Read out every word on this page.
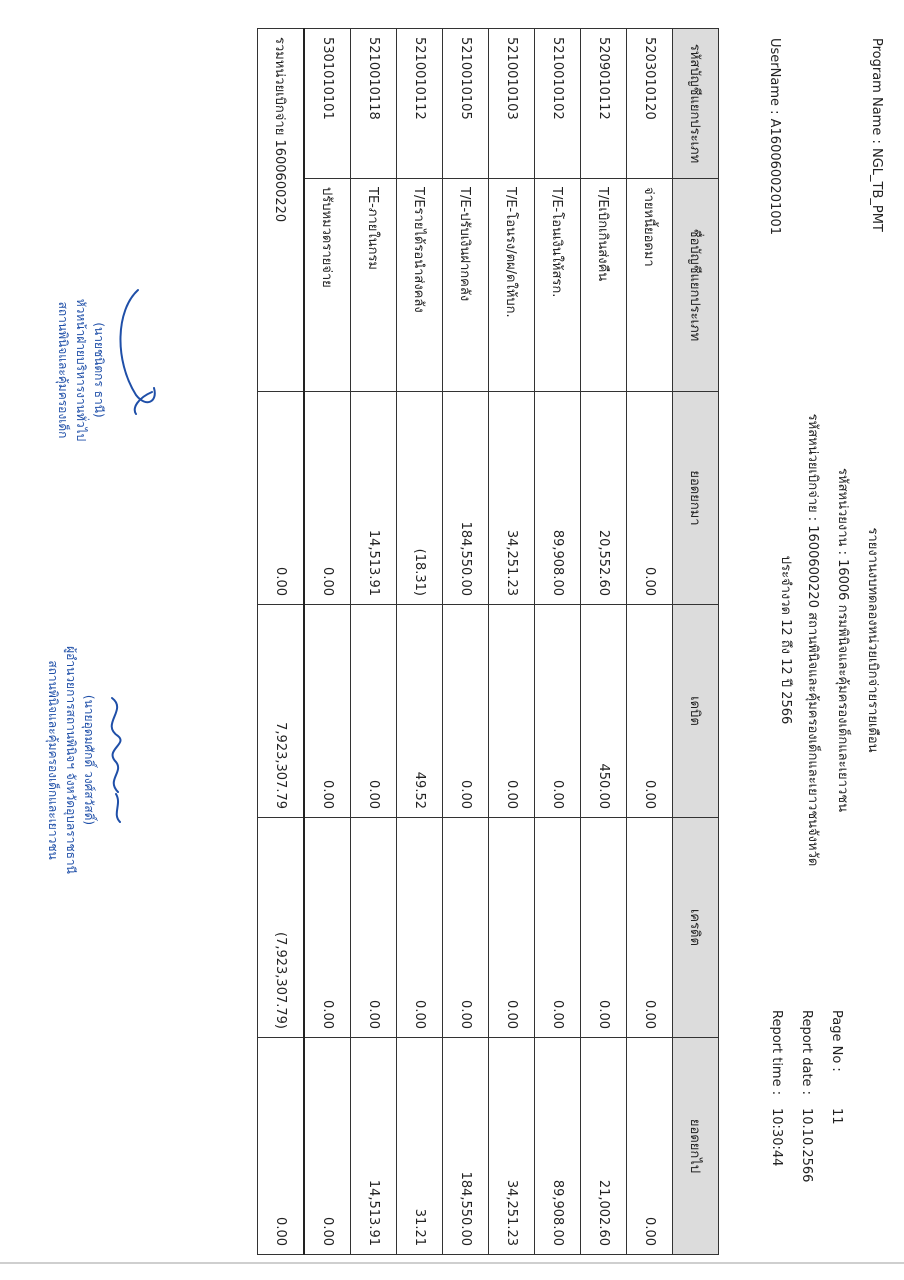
Program Name : NGL_TB_PMT
UserName : A1600600201001
รายงานงบทดลองหน่วยเบิกจ่ายรายเดือน
รหัสหน่วยงาน : 16006 กรมพินิจและคุ้มครองเด็กและเยาวชน
รหัสหน่วยเบิกจ่าย : 1600600220 สถานพินิจและคุ้มครองเด็กและเยาวชนจังหวัด
ประจำงวด 12 ถึง 12 ปี 2566
Page No :
11
Report date :
10.10.2566
Report time :
10:30:44
รหัสบัญชีแยกประเภท	ชื่อบัญชีแยกประเภท	ยอดยกมา	เดบิต	เครดิต	ยอดยกไป
5203010120	จ่ายหนี้ยอดมา	0.00	0.00	0.00	0.00
5209010112	T/Eเบิกเกินส่งคืน	20,552.60	450.00	0.00	21,002.60
5210010102	T/E-โอนเงินให้สรก.	89,908.00	0.00	0.00	89,908.00
5210010103	T/E-โอนรง/ตผ/ดให้บก.	34,251.23	0.00	0.00	34,251.23
5210010105	T/E-ปรับเงินฝากคลัง	184,550.00	0.00	0.00	184,550.00
5210010112	T/Eรายได้รอนำส่งคลัง	(18.31)	49.52	0.00	31.21
5210010118	TE-ภายในกรม	14,513.91	0.00	0.00	14,513.91
5301010101	ปรับหมวดรายจ่าย	0.00	0.00	0.00	0.00
รวมหน่วยเบิกจ่าย 1600600220		0.00	7,923,307.79	(7,923,307.79)	0.00
(นายชนิตกร ธานี)
หัวหน้าฝ่ายบริหารงานทั่วไป
สถานพินิจและคุ้มครองเด็ก
(นายอุดมศักดิ์ วงศ์สวัสดิ์)
ผู้อำนวยการสถานพินิจฯ จังหวัดอุบลราชธานี
สถานพินิจและคุ้มครองเด็กและเยาวชน
